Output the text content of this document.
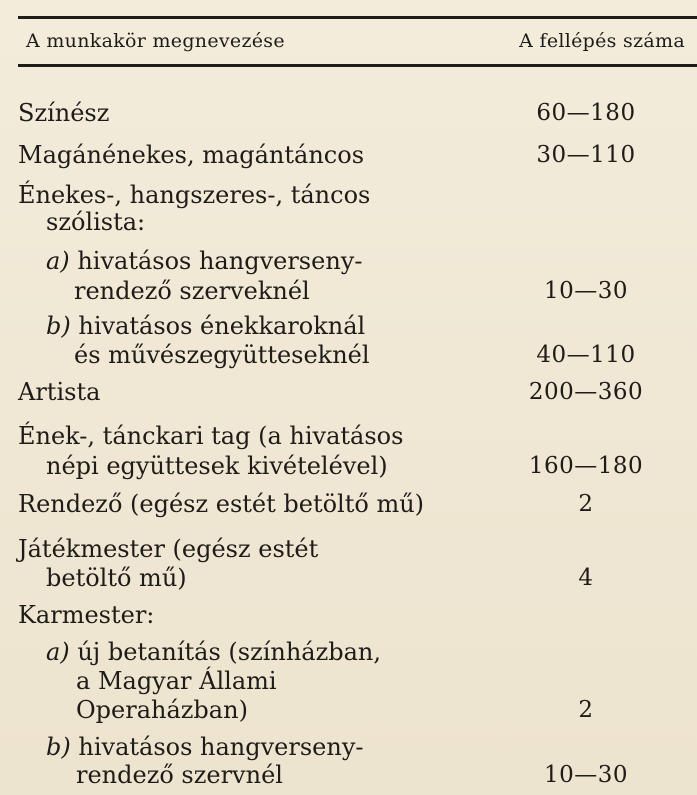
A munkakör megnevezése	A fellépés száma
Színész	60—180
Magánénekes, magántáncos	30—110
Énekes-, hangszeres-, táncos
szólista:
a) hivatásos hangverseny-
rendező szerveknél	10—30
b) hivatásos énekkaroknál
és művészegyütteseknél	40—110
Artista	200—360
Ének-, tánckari tag (a hivatásos
népi együttesek kivételével)	160—180
Rendező (egész estét betöltő mű)	2
Játékmester (egész estét
betöltő mű)	4
Karmester:
a) új betanítás (színházban,
a Magyar Állami
Operaházban)	2
b) hivatásos hangverseny-
rendező szervnél	10—30
